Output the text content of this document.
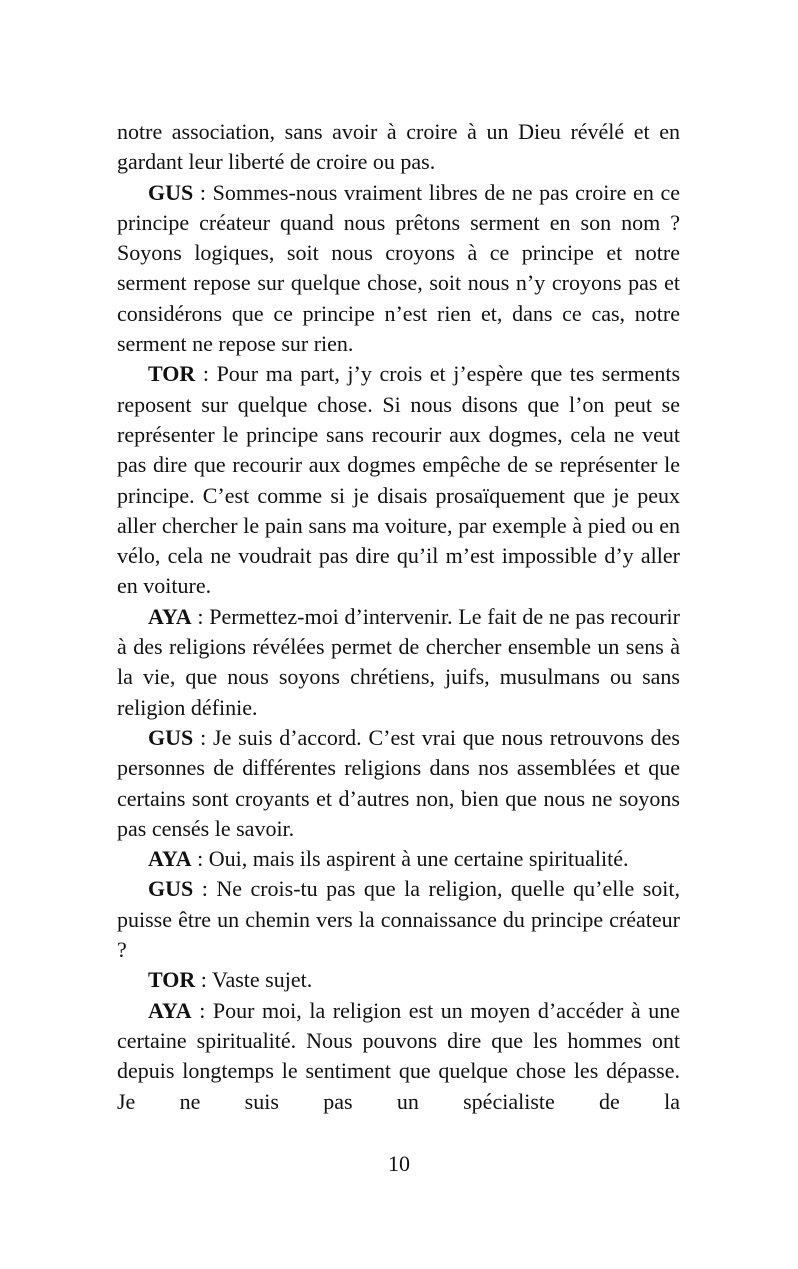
notre association, sans avoir à croire à un Dieu révélé et en gardant leur liberté de croire ou pas.

GUS : Sommes-nous vraiment libres de ne pas croire en ce principe créateur quand nous prêtons serment en son nom ? Soyons logiques, soit nous croyons à ce principe et notre serment repose sur quelque chose, soit nous n’y croyons pas et considérons que ce principe n’est rien et, dans ce cas, notre serment ne repose sur rien.

TOR : Pour ma part, j’y crois et j’espère que tes serments reposent sur quelque chose. Si nous disons que l’on peut se représenter le principe sans recourir aux dogmes, cela ne veut pas dire que recourir aux dogmes empêche de se représenter le principe. C’est comme si je disais prosaïquement que je peux aller chercher le pain sans ma voiture, par exemple à pied ou en vélo, cela ne voudrait pas dire qu’il m’est impossible d’y aller en voiture.

AYA : Permettez-moi d’intervenir. Le fait de ne pas recourir à des religions révélées permet de chercher ensemble un sens à la vie, que nous soyons chrétiens, juifs, musulmans ou sans religion définie.

GUS : Je suis d’accord. C’est vrai que nous retrouvons des personnes de différentes religions dans nos assemblées et que certains sont croyants et d’autres non, bien que nous ne soyons pas censés le savoir.

AYA : Oui, mais ils aspirent à une certaine spiritualité.

GUS : Ne crois-tu pas que la religion, quelle qu’elle soit, puisse être un chemin vers la connaissance du principe créateur ?

TOR : Vaste sujet.

AYA : Pour moi, la religion est un moyen d’accéder à une certaine spiritualité. Nous pouvons dire que les hommes ont depuis longtemps le sentiment que quelque chose les dépasse. Je ne suis pas un spécialiste de la

10
